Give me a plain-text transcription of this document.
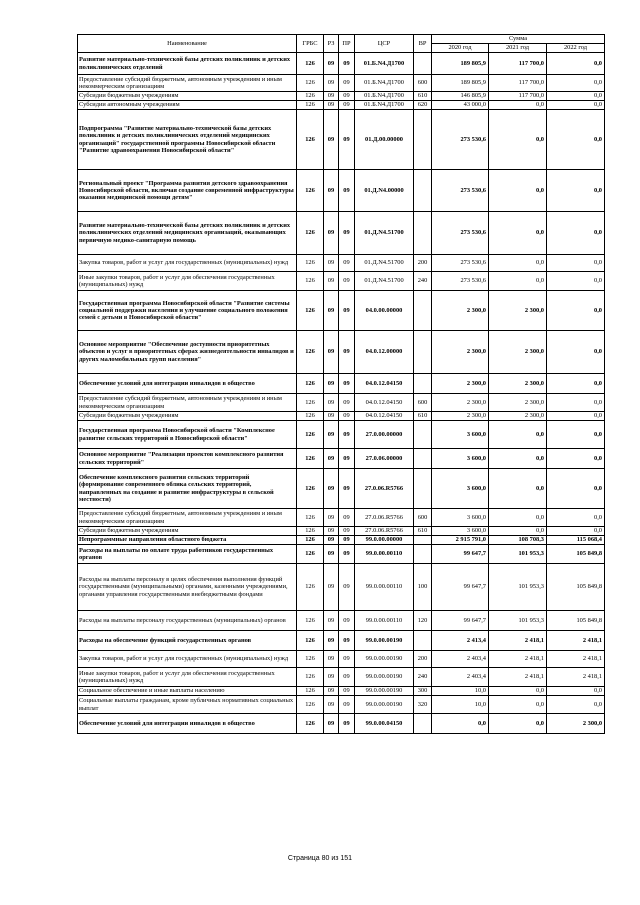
Наименование	ГРБС	РЗ	ПР	ЦСР	ВР	Сумма		
						2020 год	2021 год	2022 год
Развитие материально-технической базы детских поликлиник и детских поликлинических отделений	126	09	09	01.Б.N4.Д1700		189 805,9	117 700,0	0,0
Предоставление субсидий бюджетным, автономным учреждениям и иным некоммерческим организациям	126	09	09	01.Б.N4.Д1700	600	189 805,9	117 700,0	0,0
Субсидии бюджетным учреждениям	126	09	09	01.Б.N4.Д1700	610	146 805,9	117 700,0	0,0
Субсидии автономным учреждениям	126	09	09	01.Б.N4.Д1700	620	43 000,0	0,0	0,0
Подпрограмма "Развитие материально-технической базы детских поликлиник и детских поликлинических отделений медицинских организаций" государственной программы Новосибирской области "Развитие здравоохранения Новосибирской области"	126	09	09	01.Д.00.00000		273 530,6	0,0	0,0
Региональный проект "Программа развития детского здравоохранения Новосибирской области, включая создание современной инфраструктуры оказания медицинской помощи детям"	126	09	09	01.Д.N4.00000		273 530,6	0,0	0,0
Развитие материально-технической базы детских поликлиник и детских поликлинических отделений медицинских организаций, оказывающих первичную медико-санитарную помощь	126	09	09	01.Д.N4.51700		273 530,6	0,0	0,0
Закупка товаров, работ и услуг для государственных (муниципальных) нужд	126	09	09	01.Д.N4.51700	200	273 530,6	0,0	0,0
Иные закупки товаров, работ и услуг для обеспечения государственных (муниципальных) нужд	126	09	09	01.Д.N4.51700	240	273 530,6	0,0	0,0
Государственная программа Новосибирской области "Развитие системы социальной поддержки населения и улучшение социального положения семей с детьми в Новосибирской области"	126	09	09	04.0.00.00000		2 300,0	2 300,0	0,0
Основное мероприятие "Обеспечение доступности приоритетных объектов и услуг в приоритетных сферах жизнедеятельности инвалидов и других маломобильных групп населения"	126	09	09	04.0.12.00000		2 300,0	2 300,0	0,0
Обеспечение условий для интеграции инвалидов в общество	126	09	09	04.0.12.04150		2 300,0	2 300,0	0,0
Предоставление субсидий бюджетным, автономным учреждениям и иным некоммерческим организациям	126	09	09	04.0.12.04150	600	2 300,0	2 300,0	0,0
Субсидии бюджетным учреждениям	126	09	09	04.0.12.04150	610	2 300,0	2 300,0	0,0
Государственная программа Новосибирской области "Комплексное развитие сельских территорий в Новосибирской области"	126	09	09	27.0.00.00000		3 600,0	0,0	0,0
Основное мероприятие "Реализация проектов комплексного развития сельских территорий"	126	09	09	27.0.06.00000		3 600,0	0,0	0,0
Обеспечение комплексного развития сельских территорий (формирование современного облика сельских территорий, направленных на создание и развитие инфраструктуры в сельской местности)	126	09	09	27.0.06.R5766		3 600,0	0,0	0,0
Предоставление субсидий бюджетным, автономным учреждениям и иным некоммерческим организациям	126	09	09	27.0.06.R5766	600	3 600,0	0,0	0,0
Субсидии бюджетным учреждениям	126	09	09	27.0.06.R5766	610	3 600,0	0,0	0,0
Непрограммные направления областного бюджета	126	09	09	99.0.00.00000		2 915 791,0	108 708,3	115 068,4
Расходы на выплаты по оплате труда работников государственных органов	126	09	09	99.0.00.00110		99 647,7	101 953,3	105 849,8
Расходы на выплаты персоналу в целях обеспечения выполнения функций государственными (муниципальными) органами, казенными учреждениями, органами управления государственными внебюджетными фондами	126	09	09	99.0.00.00110	100	99 647,7	101 953,3	105 849,8
Расходы на выплаты персоналу государственных (муниципальных) органов	126	09	09	99.0.00.00110	120	99 647,7	101 953,3	105 849,8
Расходы на обеспечение функций государственных органов	126	09	09	99.0.00.00190		2 413,4	2 418,1	2 418,1
Закупка товаров, работ и услуг для государственных (муниципальных) нужд	126	09	09	99.0.00.00190	200	2 403,4	2 418,1	2 418,1
Иные закупки товаров, работ и услуг для обеспечения государственных (муниципальных) нужд	126	09	09	99.0.00.00190	240	2 403,4	2 418,1	2 418,1
Социальное обеспечение и иные выплаты населению	126	09	09	99.0.00.00190	300	10,0	0,0	0,0
Социальные выплаты гражданам, кроме публичных нормативных социальных выплат	126	09	09	99.0.00.00190	320	10,0	0,0	0,0
Обеспечение условий для интеграции инвалидов в общество	126	09	09	99.0.00.04150		0,0	0,0	2 300,0
Страница 80 из 151
